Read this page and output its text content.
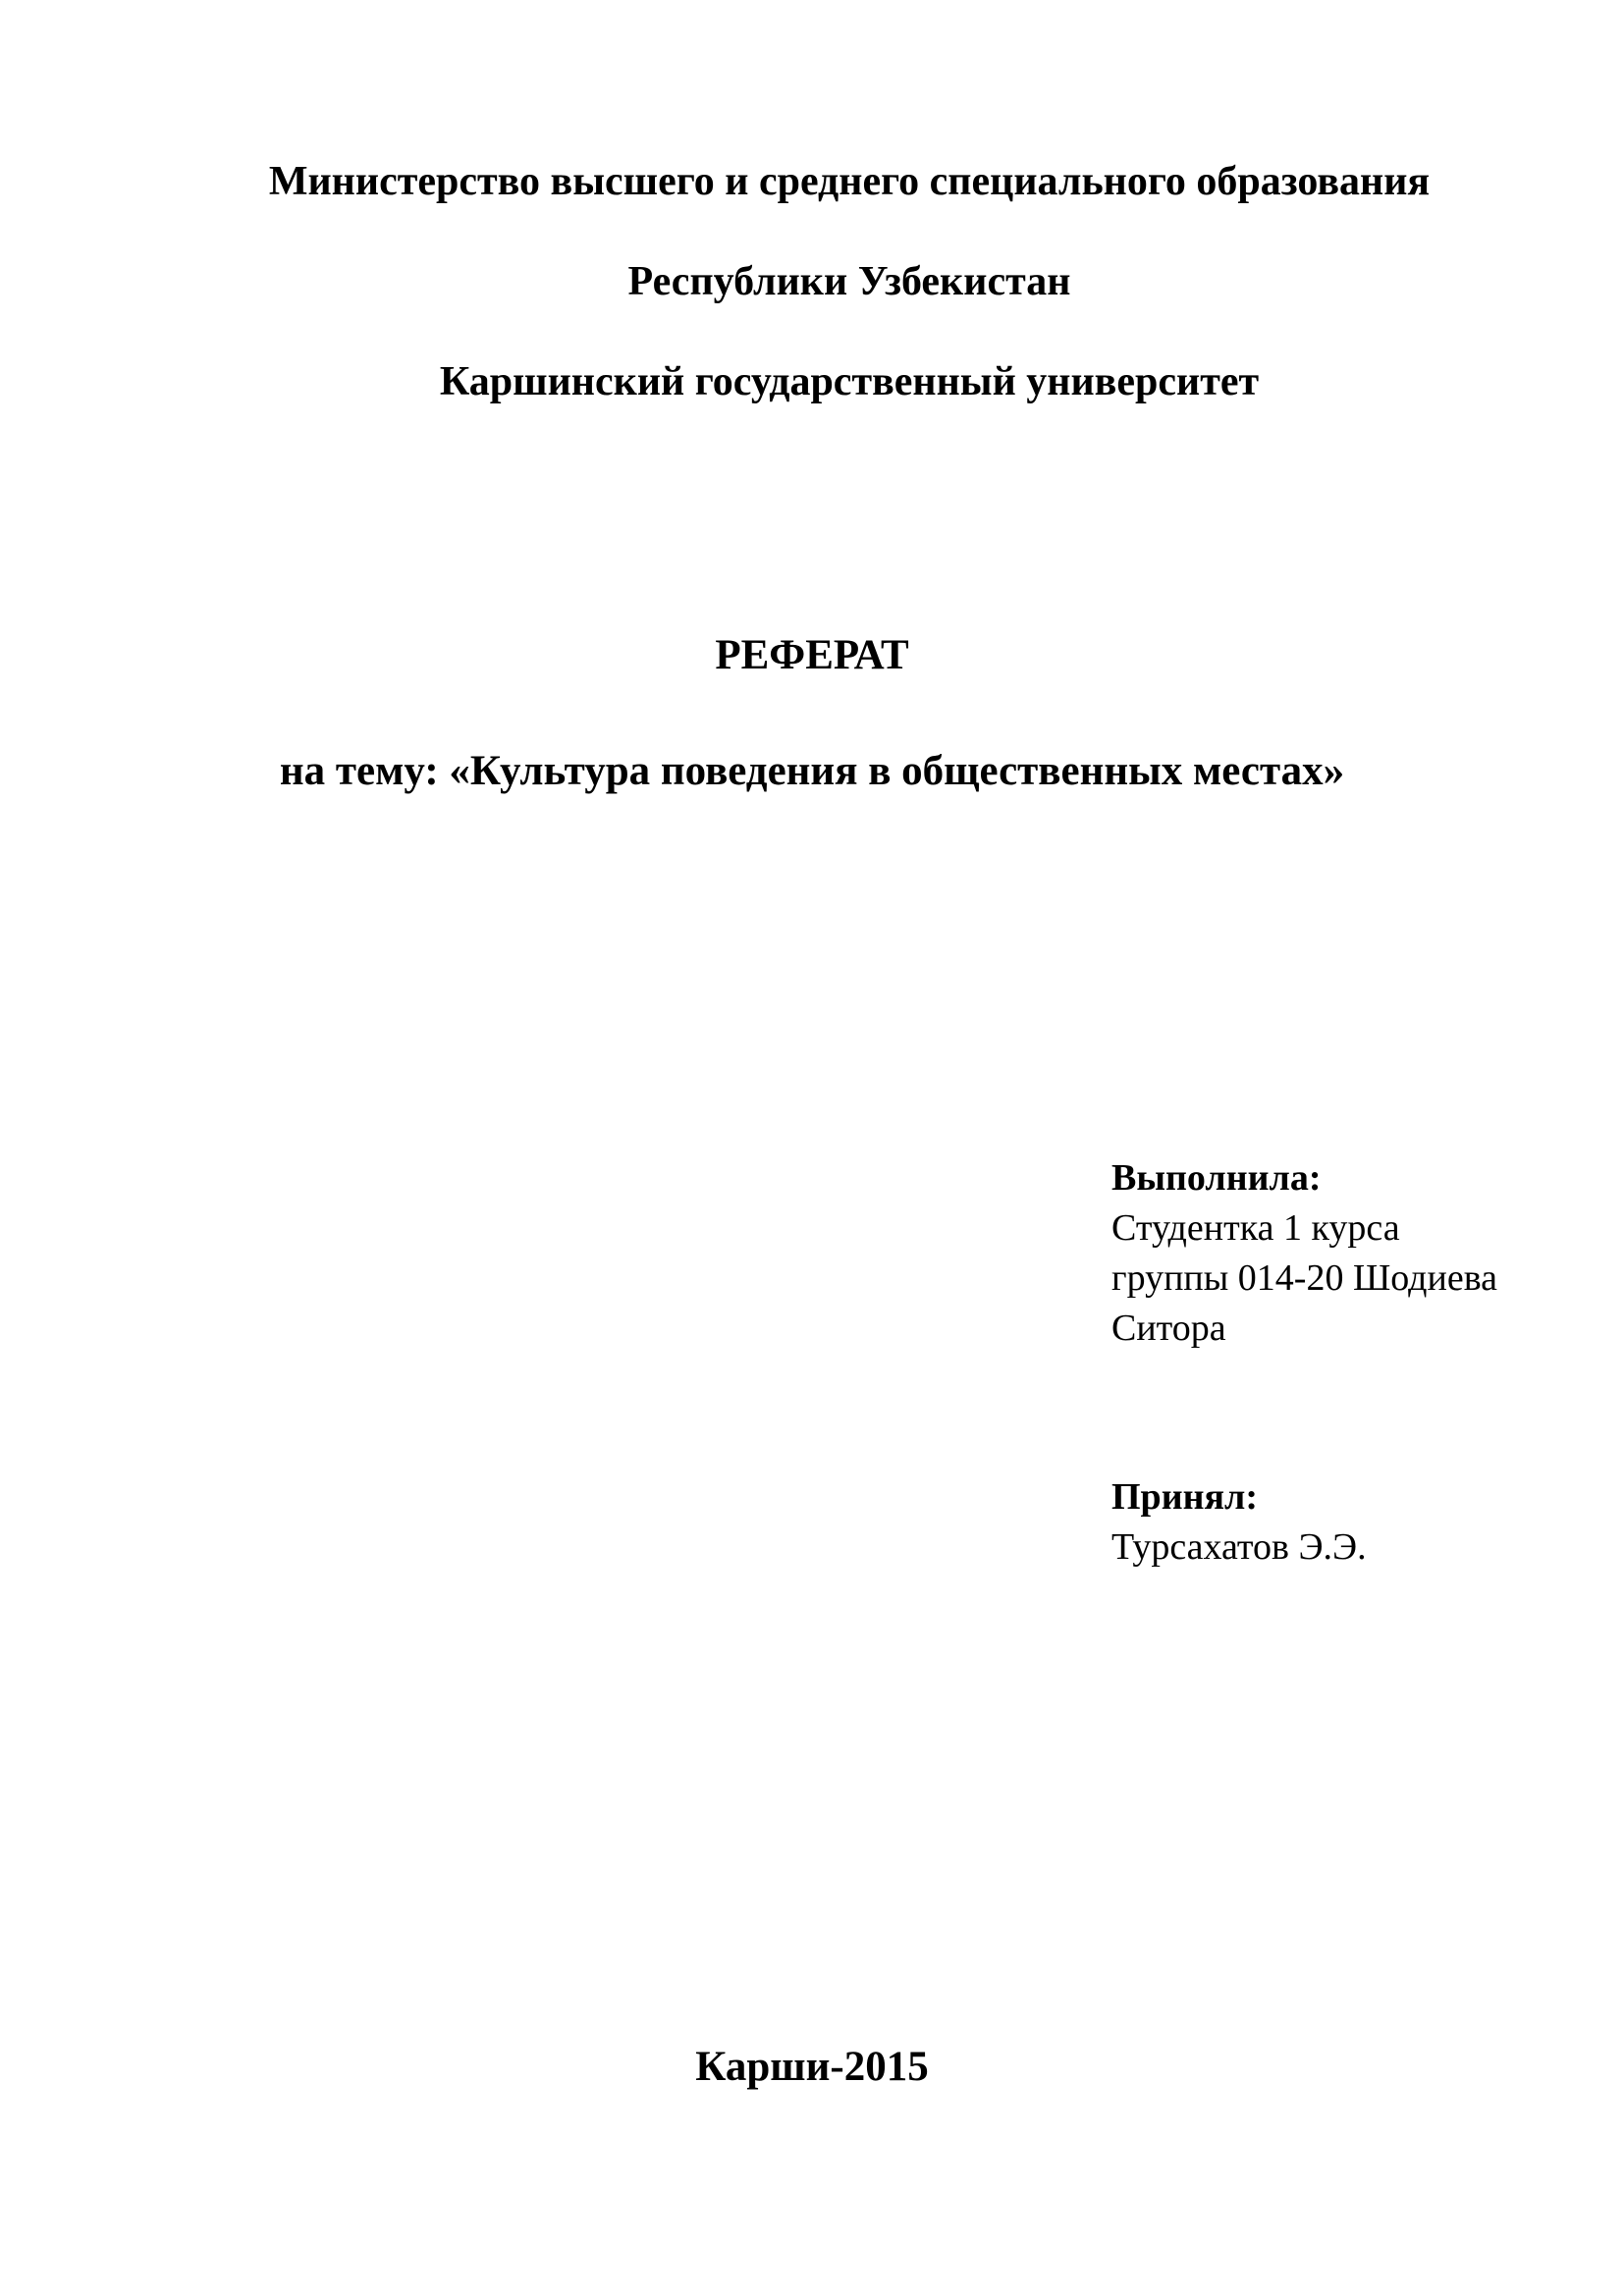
Министерство высшего и среднего специального образования
Республики Узбекистан
Каршинский государственный университет
РЕФЕРАТ
на тему: «Культура поведения в общественных местах»
Выполнила:
Студентка 1 курса
группы 014-20 Шодиева
Ситора
Принял:
Турсахатов Э.Э.
Карши-2015
